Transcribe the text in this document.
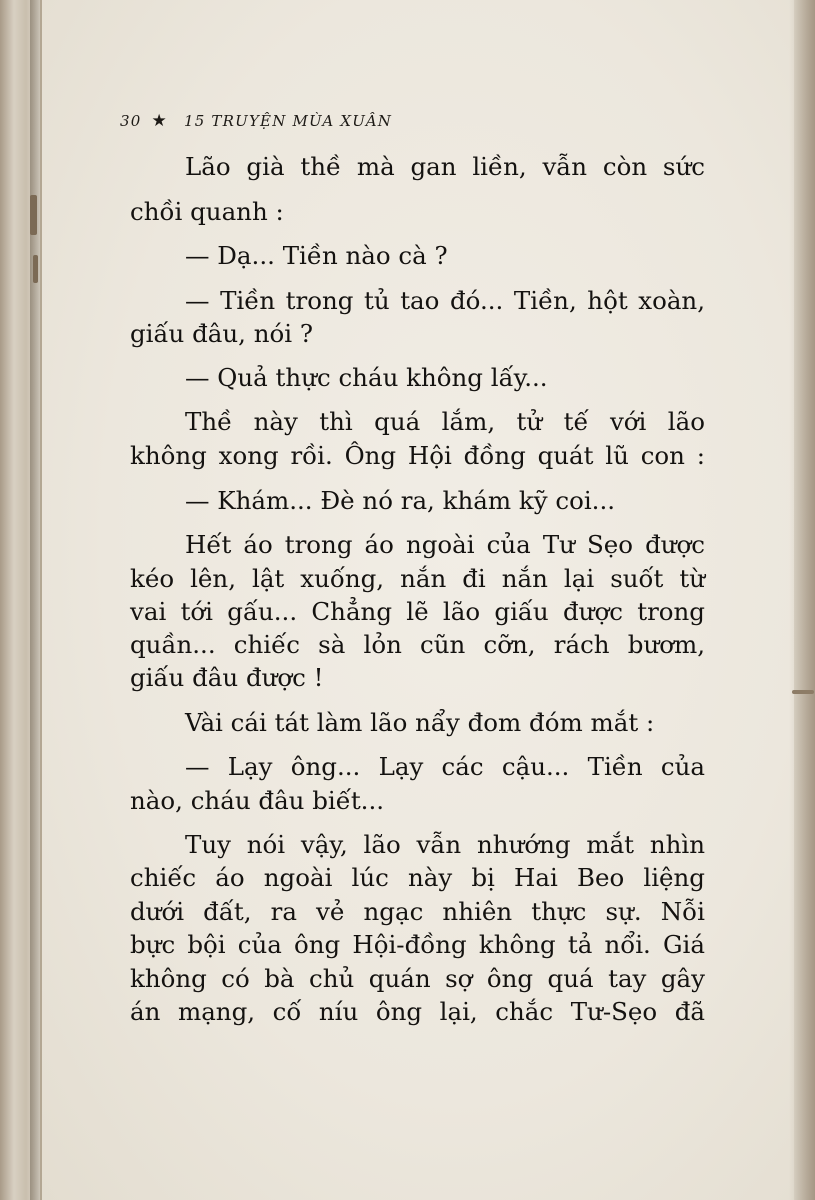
30 ★ 15 TRUYỆN MÙA XUÂN
Lão già thề mà gan liền, vẫn còn sức
chồi quanh :
— Dạ... Tiền nào cà ?
— Tiền trong tủ tao đó... Tiền, hột xoàn,
giấu đâu, nói ?
— Quả thực cháu không lấy...
Thề này thì quá lắm, tử tế với lão
không xong rồi. Ông Hội đồng quát lũ con :
— Khám... Đè nó ra, khám kỹ coi...
Hết áo trong áo ngoài của Tư Sẹo được
kéo lên, lật xuống, nắn đi nắn lại suốt từ
vai tới gấu... Chẳng lẽ lão giấu được trong
quần... chiếc sà lỏn cũn cỡn, rách bươm,
giấu đâu được !
Vài cái tát làm lão nẩy đom đóm mắt :
— Lạy ông... Lạy các cậu... Tiền của
nào, cháu đâu biết...
Tuy nói vậy, lão vẫn nhướng mắt nhìn
chiếc áo ngoài lúc này bị Hai Beo liệng
dưới đất, ra vẻ ngạc nhiên thực sự. Nỗi
bực bội của ông Hội-đồng không tả nổi. Giá
không có bà chủ quán sợ ông quá tay gây
án mạng, cố níu ông lại, chắc Tư-Sẹo đã
